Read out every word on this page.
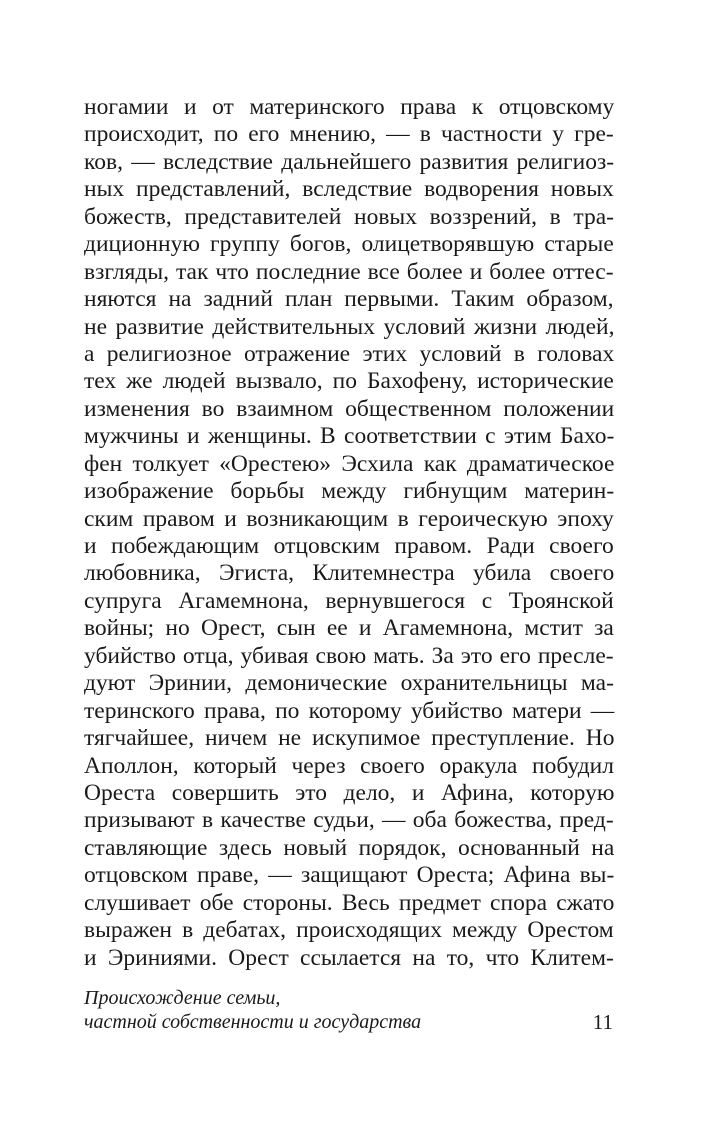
ногамии и от материнского права к отцовскому
происходит, по его мнению, — в частности у гре-
ков, — вследствие дальнейшего развития религиоз-
ных представлений, вследствие водворения новых
божеств, представителей новых воззрений, в тра-
диционную группу богов, олицетворявшую старые
взгляды, так что последние все более и более оттес-
няются на задний план первыми. Таким образом,
не развитие действительных условий жизни людей,
а религиозное отражение этих условий в головах
тех же людей вызвало, по Бахофену, исторические
изменения во взаимном общественном положении
мужчины и женщины. В соответствии с этим Бахо-
фен толкует «Орестею» Эсхила как драматическое
изображение борьбы между гибнущим материн-
ским правом и возникающим в героическую эпоху
и побеждающим отцовским правом. Ради своего
любовника, Эгиста, Клитемнестра убила своего
супруга Агамемнона, вернувшегося с Троянской
войны; но Орест, сын ее и Агамемнона, мстит за
убийство отца, убивая свою мать. За это его пресле-
дуют Эринии, демонические охранительницы ма-
теринского права, по которому убийство матери —
тягчайшее, ничем не искупимое преступление. Но
Аполлон, который через своего оракула побудил
Ореста совершить это дело, и Афина, которую
призывают в качестве судьи, — оба божества, пред-
ставляющие здесь новый порядок, основанный на
отцовском праве, — защищают Ореста; Афина вы-
слушивает обе стороны. Весь предмет спора сжато
выражен в дебатах, происходящих между Орестом
и Эриниями. Орест ссылается на то, что Клитем-
Происхождение семьи,
частной собственности и государства	11
